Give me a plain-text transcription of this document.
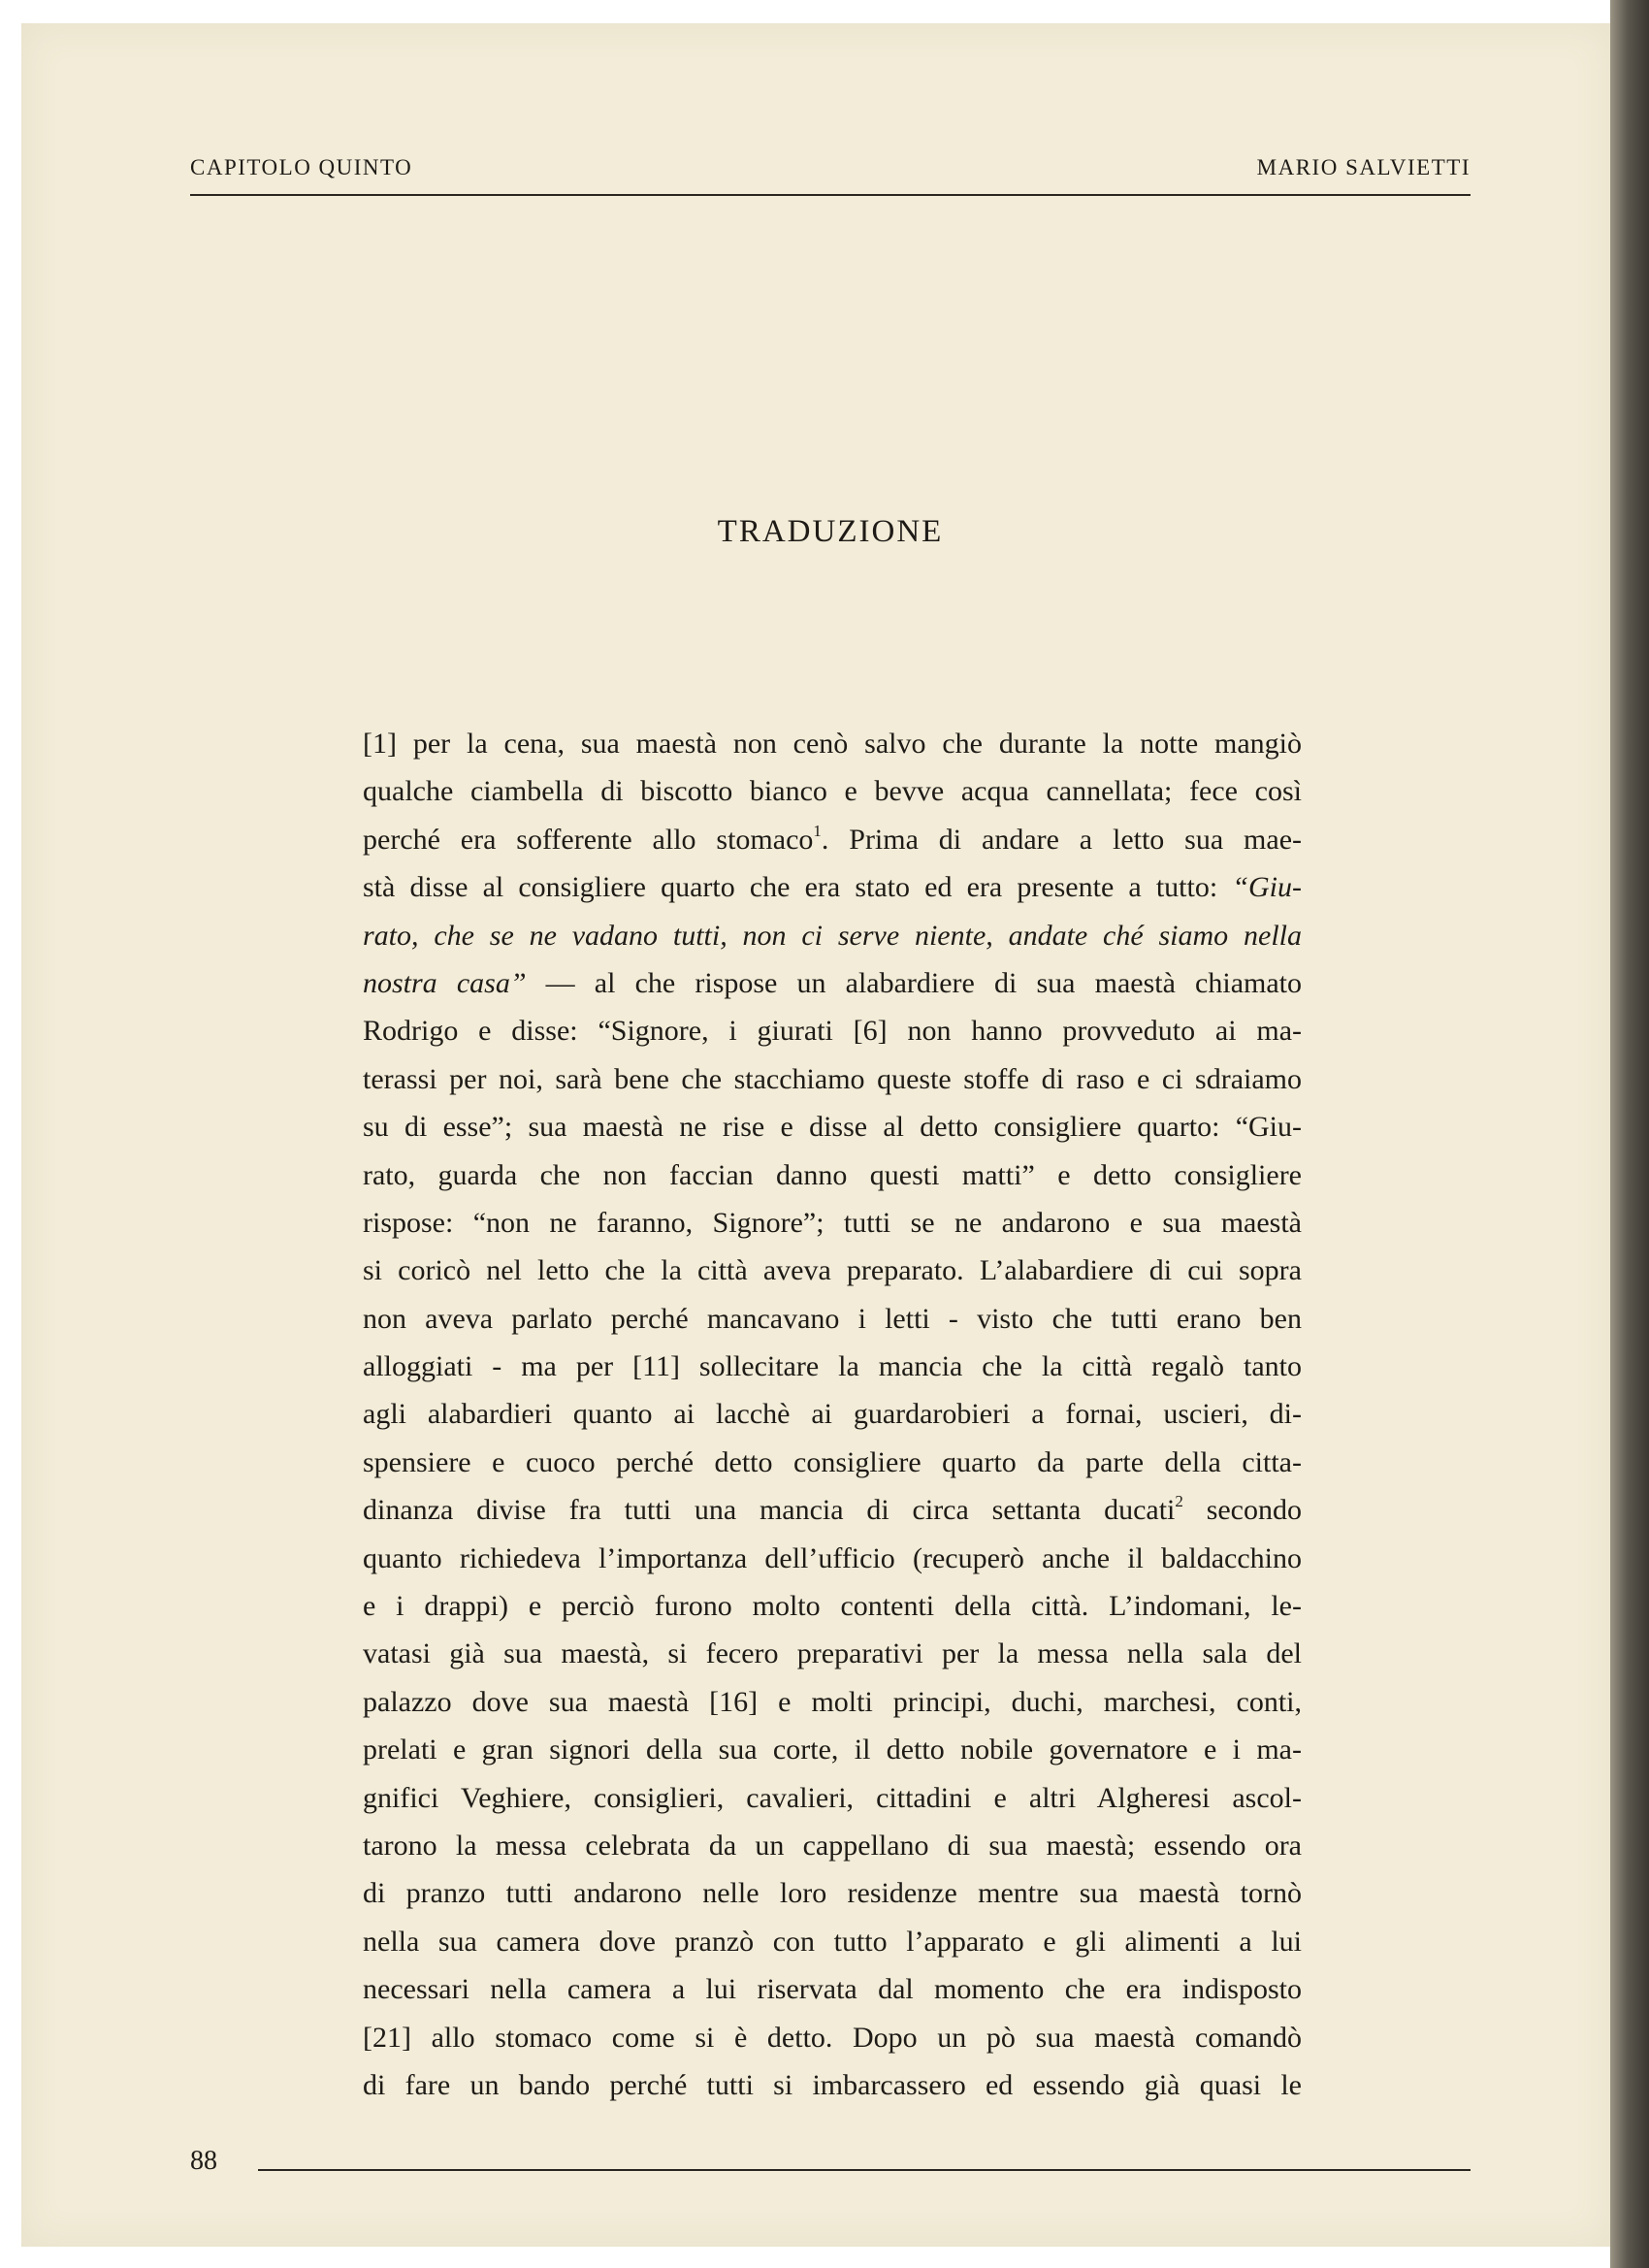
CAPITOLO QUINTO	MARIO SALVIETTI
TRADUZIONE
[1] per la cena, sua maestà non cenò salvo che durante la notte mangiò
qualche ciambella di biscotto bianco e bevve acqua cannellata; fece così
perché era sofferente allo stomaco$^1$. Prima di andare a letto sua mae-
stà disse al consigliere quarto che era stato ed era presente a tutto: “Giu-
rato, che se ne vadano tutti, non ci serve niente, andate ché siamo nella
nostra casa” — al che rispose un alabardiere di sua maestà chiamato
Rodrigo e disse: “Signore, i giurati [6] non hanno provveduto ai ma-
terassi per noi, sarà bene che stacchiamo queste stoffe di raso e ci sdraiamo
su di esse”; sua maestà ne rise e disse al detto consigliere quarto: “Giu-
rato, guarda che non faccian danno questi matti” e detto consigliere
rispose: “non ne faranno, Signore”; tutti se ne andarono e sua maestà
si coricò nel letto che la città aveva preparato. L’alabardiere di cui sopra
non aveva parlato perché mancavano i letti - visto che tutti erano ben
alloggiati - ma per [11] sollecitare la mancia che la città regalò tanto
agli alabardieri quanto ai lacchè ai guardarobieri a fornai, uscieri, di-
spensiere e cuoco perché detto consigliere quarto da parte della citta-
dinanza divise fra tutti una mancia di circa settanta ducati$^2$ secondo
quanto richiedeva l’importanza dell’ufficio (recuperò anche il baldacchino
e i drappi) e perciò furono molto contenti della città. L’indomani, le-
vatasi già sua maestà, si fecero preparativi per la messa nella sala del
palazzo dove sua maestà [16] e molti principi, duchi, marchesi, conti,
prelati e gran signori della sua corte, il detto nobile governatore e i ma-
gnifici Veghiere, consiglieri, cavalieri, cittadini e altri Algheresi ascol-
tarono la messa celebrata da un cappellano di sua maestà; essendo ora
di pranzo tutti andarono nelle loro residenze mentre sua maestà tornò
nella sua camera dove pranzò con tutto l’apparato e gli alimenti a lui
necessari nella camera a lui riservata dal momento che era indisposto
[21] allo stomaco come si è detto. Dopo un pò sua maestà comandò
di fare un bando perché tutti si imbarcassero ed essendo già quasi le
88
